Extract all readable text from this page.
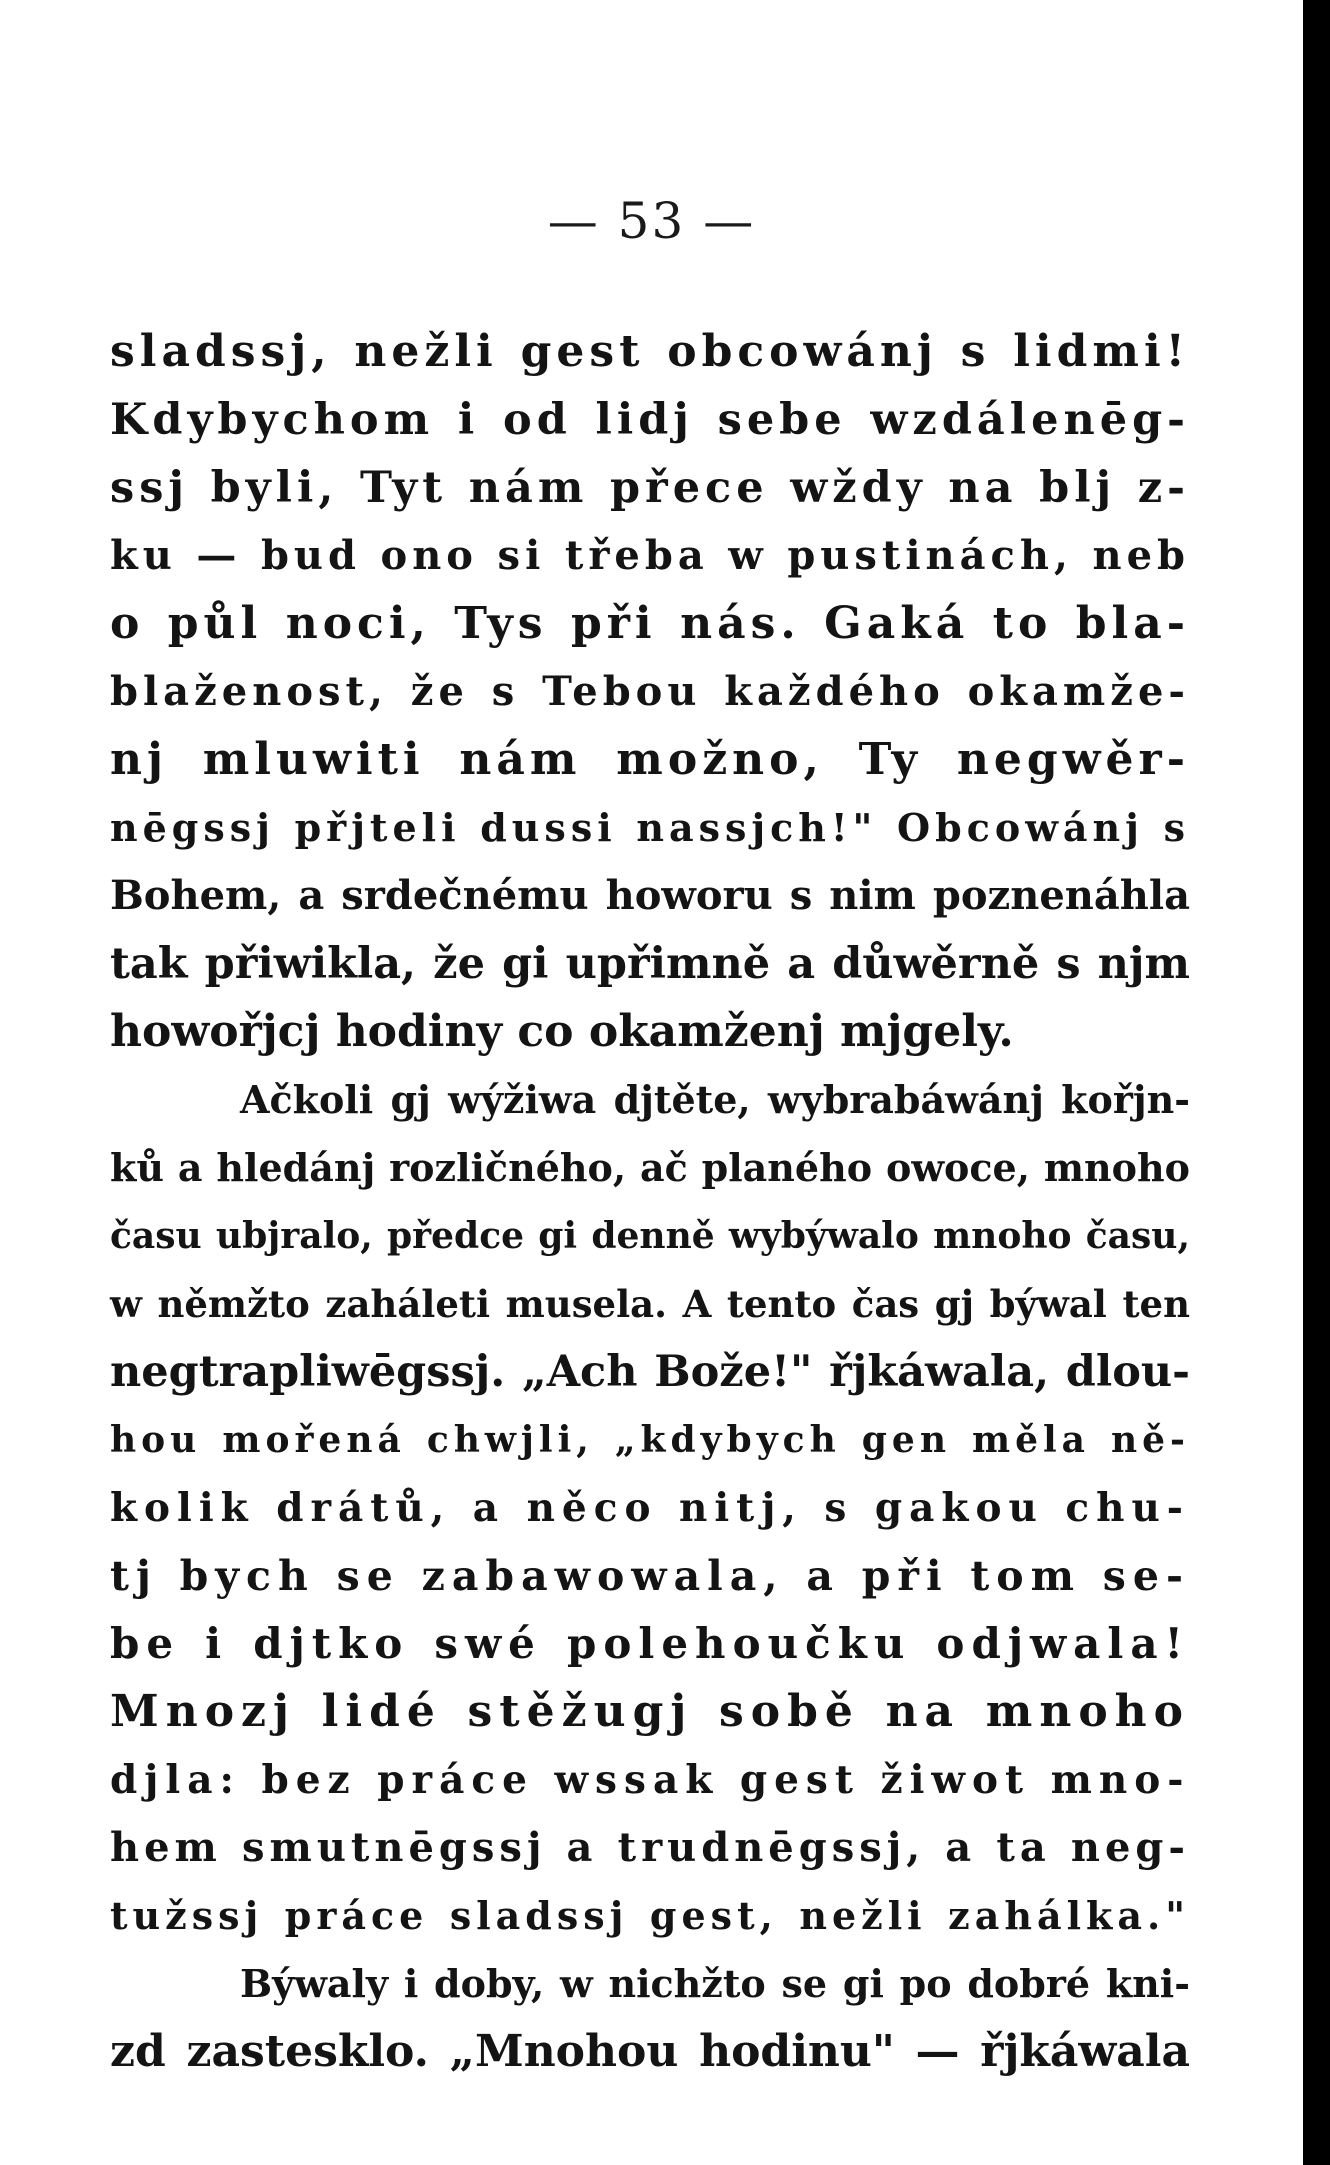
— 53 —
sladssj, nežli gest obcowánj s lidmi!
Kdybychom i od lidj sebe wzdálenēg-
ssj byli, Tyt nám přece wždy na blj z-
ku — bud ono si třeba w pustinách, neb
o půl noci, Tys při nás. Gaká to bla-
blaženost, že s Tebou každého okamže-
nj mluwiti nám možno, Ty negwěr-
nēgssj přjteli dussi nassjch!" Obcowánj s
Bohem, a srdečnému howoru s nim poznenáhla
tak přiwikla, že gi upřimně a důwěrně s njm
howořjcj hodiny co okamženj mjgely.
Ačkoli gj wýžiwa djtěte, wybrabáwánj kořjn-
ků a hledánj rozličného, ač planého owoce, mnoho
času ubjralo, předce gi denně wybýwalo mnoho času,
w němžto zaháleti musela. A tento čas gj býwal ten
negtrapliwēgssj. „Ach Bože!" řjkáwala, dlou-
hou mořená chwjli, „kdybych gen měla ně-
kolik drátů, a něco nitj, s gakou chu-
tj bych se zabawowala, a při tom se-
be i djtko swé polehoučku odjwala!
Mnozj lidé stěžugj sobě na mnoho
djla: bez práce wssak gest žiwot mno-
hem smutnēgssj a trudnēgssj, a ta neg-
tužssj práce sladssj gest, nežli zahálka."
Býwaly i doby, w nichžto se gi po dobré kni-
zd zastesklo. „Mnohou hodinu" — řjkáwala
